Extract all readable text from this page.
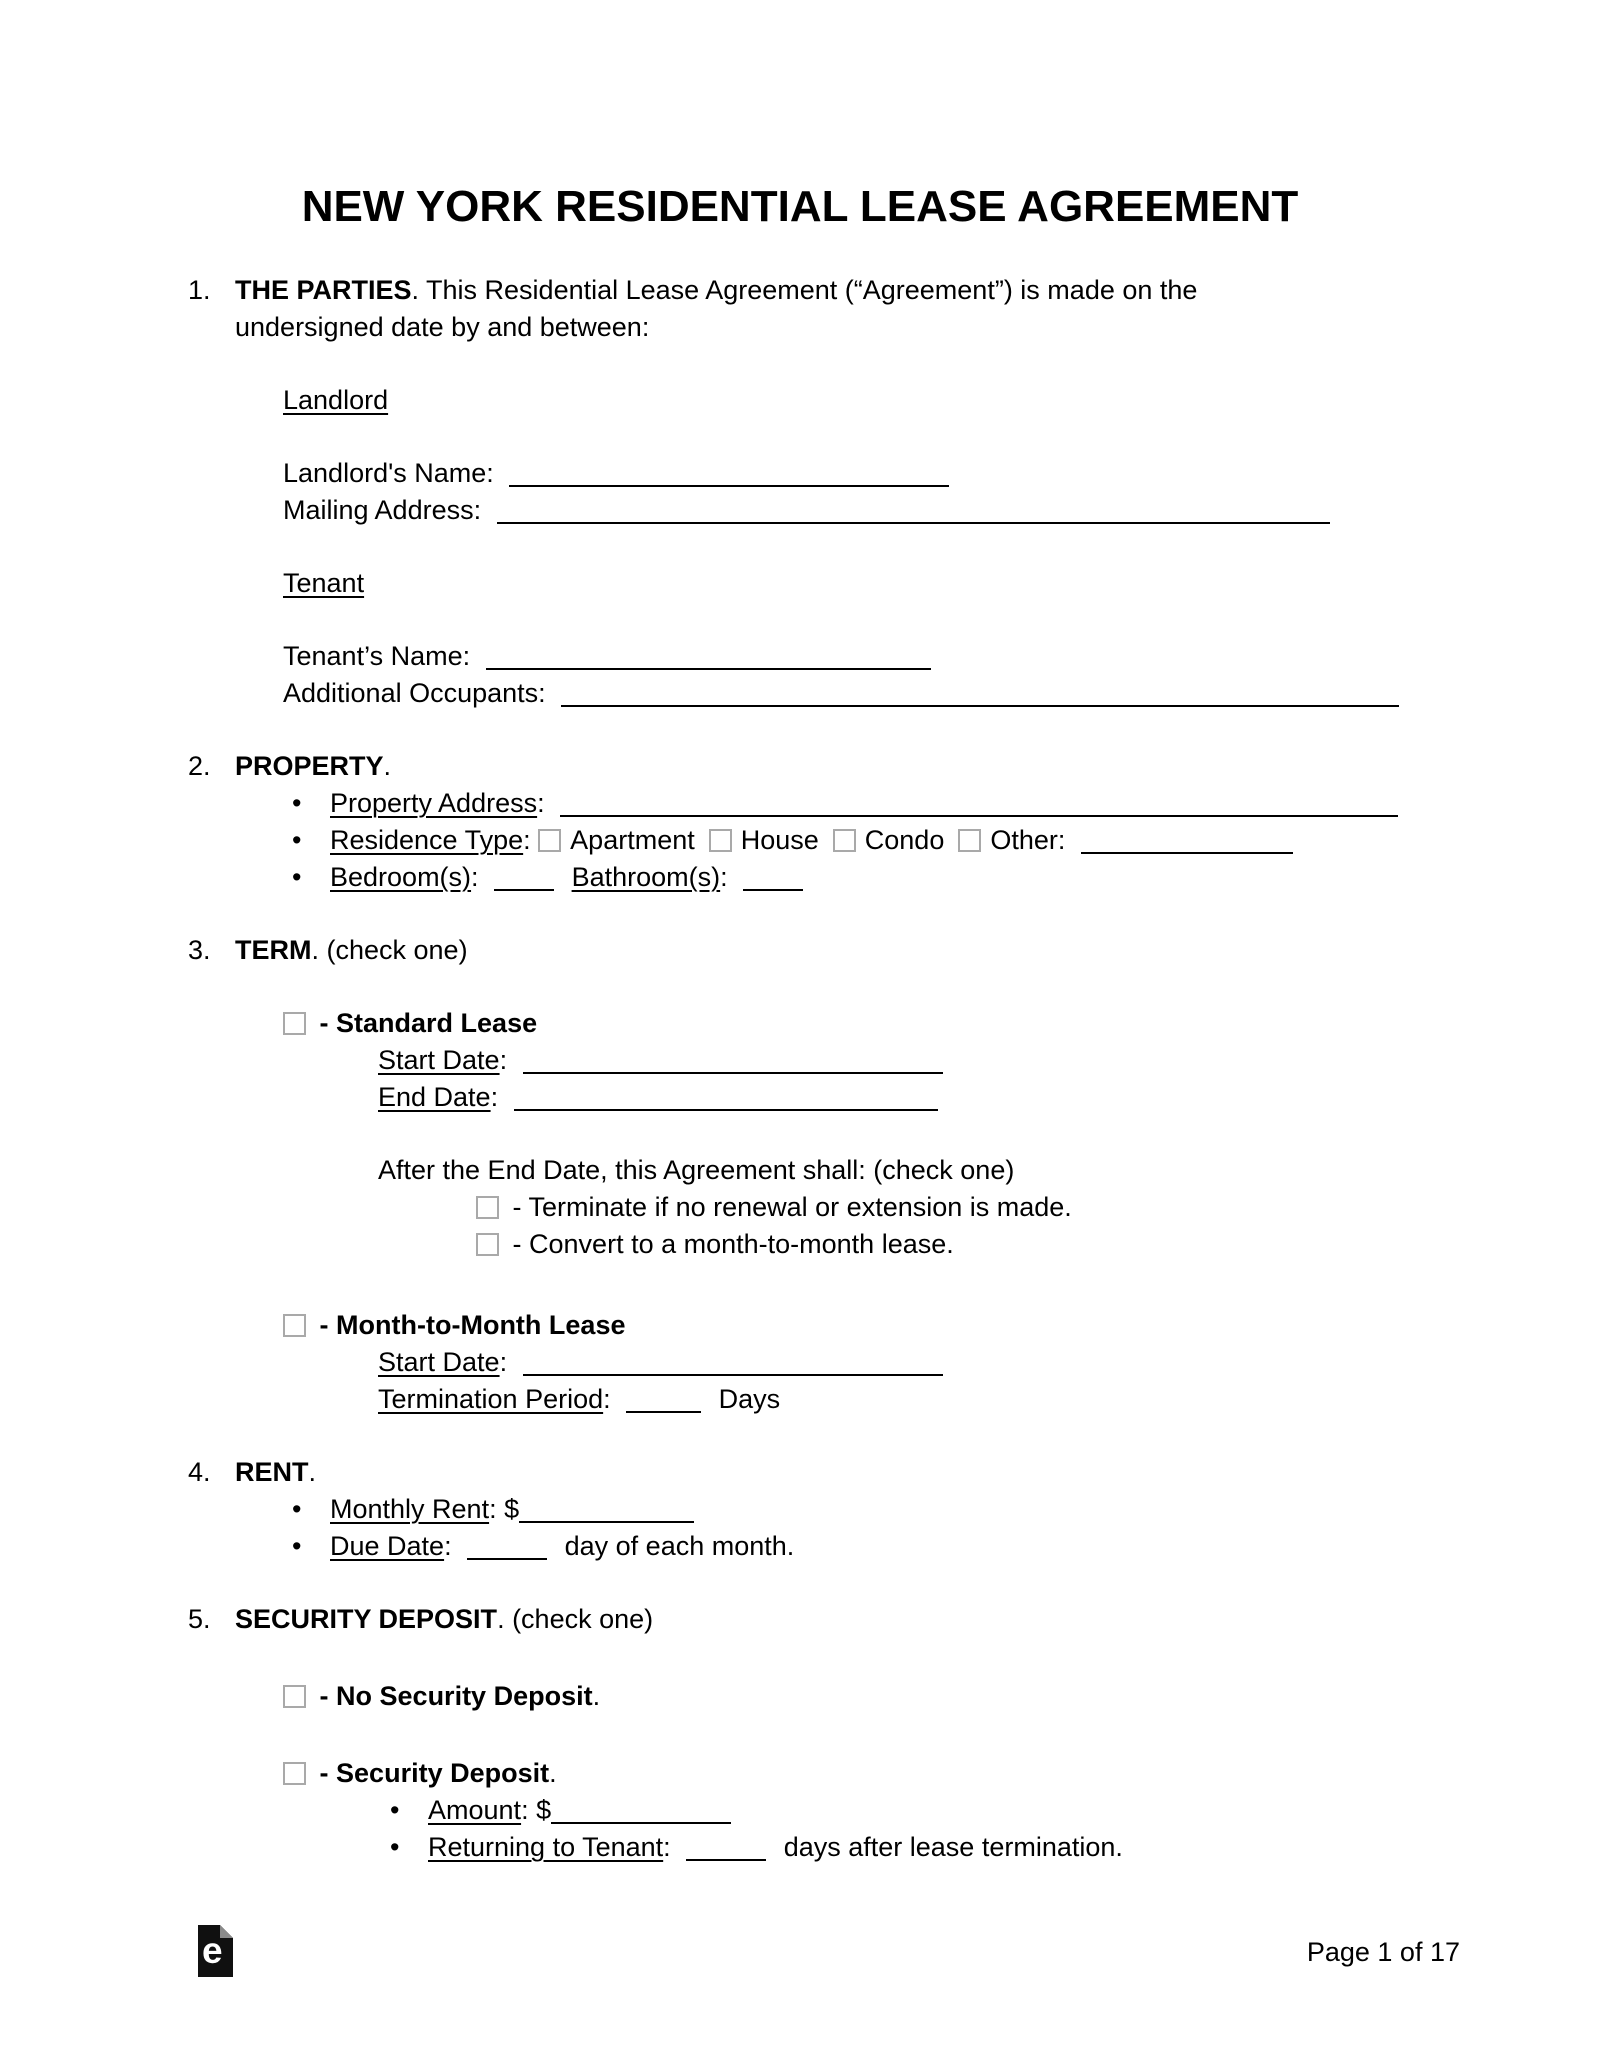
NEW YORK RESIDENTIAL LEASE AGREEMENT
1. THE PARTIES. This Residential Lease Agreement (“Agreement”) is made on the
undersigned date by and between:
Landlord
Landlord's Name:
Mailing Address:
Tenant
Tenant’s Name:
Additional Occupants:
2. PROPERTY.
• Property Address:
• Residence Type: Apartment House Condo Other:
• Bedroom(s):	Bathroom(s):
3. TERM. (check one)
- Standard Lease
Start Date:
End Date:
After the End Date, this Agreement shall: (check one)
- Terminate if no renewal or extension is made.
- Convert to a month-to-month lease.
- Month-to-Month Lease
Start Date:
Termination Period:	Days
4. RENT.
• Monthly Rent: $
• Due Date:	day of each month.
5. SECURITY DEPOSIT. (check one)
- No Security Deposit.
- Security Deposit.
• Amount: $
• Returning to Tenant:	days after lease termination.
e	Page 1 of 17
